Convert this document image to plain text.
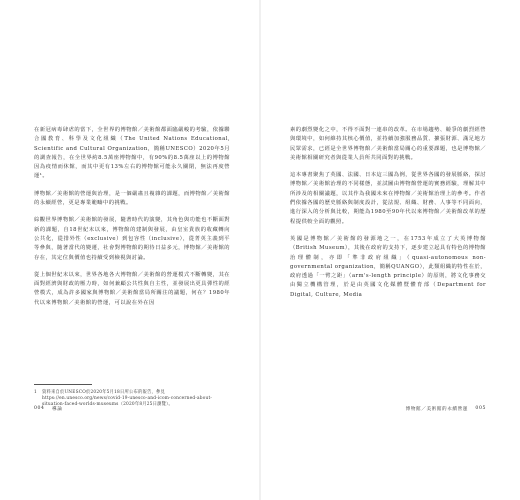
在新冠病毒肆虐的當下，全世界的博物館／美術館都面臨嚴峻的考驗，依據聯合國教育、科學及文化組織（The United Nations Educational, Scientific and Cultural Organization，簡稱UNESCO）2020年5月的調查報告，在全世界約8.5萬座博物館中，有90%的8.5萬座以上的博物館因為疫情而休館，而其中更有13%左右的博物館可能永久關閉，無法再度營運¹。

博物館／美術館的營運與治理，是一個嚴肅且複雜的課題，而博物館／美術館的永續經營，更是專業範疇中的挑戰。

綜觀世界博物館／美術館的發展，隨著時代的演變，其角色與功能也不斷面對新的課題，自18世紀末以來，博物館的建制與發展，由皇室貴族的收藏轉向公共化，從排外性（exclusive）到包容性（inclusive），從菁英主義到平等參與，隨著當代的變遷，社會對博物館的期待日益多元，博物館／美術館的存在，其定位與價值也持續受到檢視與討論。

從上個世紀末以來，世界各地各大博物館／美術館的營運模式不斷轉變，其在面對經濟與財政的壓力時，如何兼顧公共性與自主性，並發展出更具彈性的經營模式，成為許多國家與博物館／美術館當局所關注的議題，何在？1980年代以來博物館／美術館的營運，可以說在外在因

1	資料來自於UNESCO於2020年5月18日所公布的報告，參見https://en.unesco.org/news/covid-19-unesco-and-icom-concerned-about-situation-faced-worlds-museums（2020年8月25日瀏覽）。
004 導論

素的劇烈變化之中，不得不面對一連串的改革。在市場趨勢、競爭的劇烈經營與環境中，如何維持其核心價值，並持續加強服務品質、擴張財源、滿足地方民眾需求，已經是全世界博物館／美術館當局關心的重要課題，也是博物館／美術館相關研究者與從業人員所共同面對的挑戰。

這本專書聚焦了英國、法國、日本這三國為例，從世界各國的發展脈絡，探討博物館／美術館治理的不同樣態，並試圖由博物館營運的實務經驗，理解其中所涉及的相關議題，以其作為我國未來在博物館／美術館治理上的參考。作者們依據各國的歷史脈絡與制度設計，從法規、組織、財務、人事等不同面向，進行深入的分析與比較，期能為1980至90年代以來博物館／美術館改革的歷程提供較全面的觀照。

英國是博物館／美術館的發源地之一，在1753年成立了大英博物館（British Museum），其後在政府的支持下，逐步建立起具有特色的博物館治理體制，亦即「準非政府組織」（quasi-autonomous non-governmental organization，簡稱QUANGO），此類組織的特性在於，政府透過「一臂之距」（arm's-length principle）的原則，將文化事務交由獨立機構管理，於是由英國文化媒體暨體育部（Department for Digital, Culture, Media

博物館／美術館的永續營運 005
